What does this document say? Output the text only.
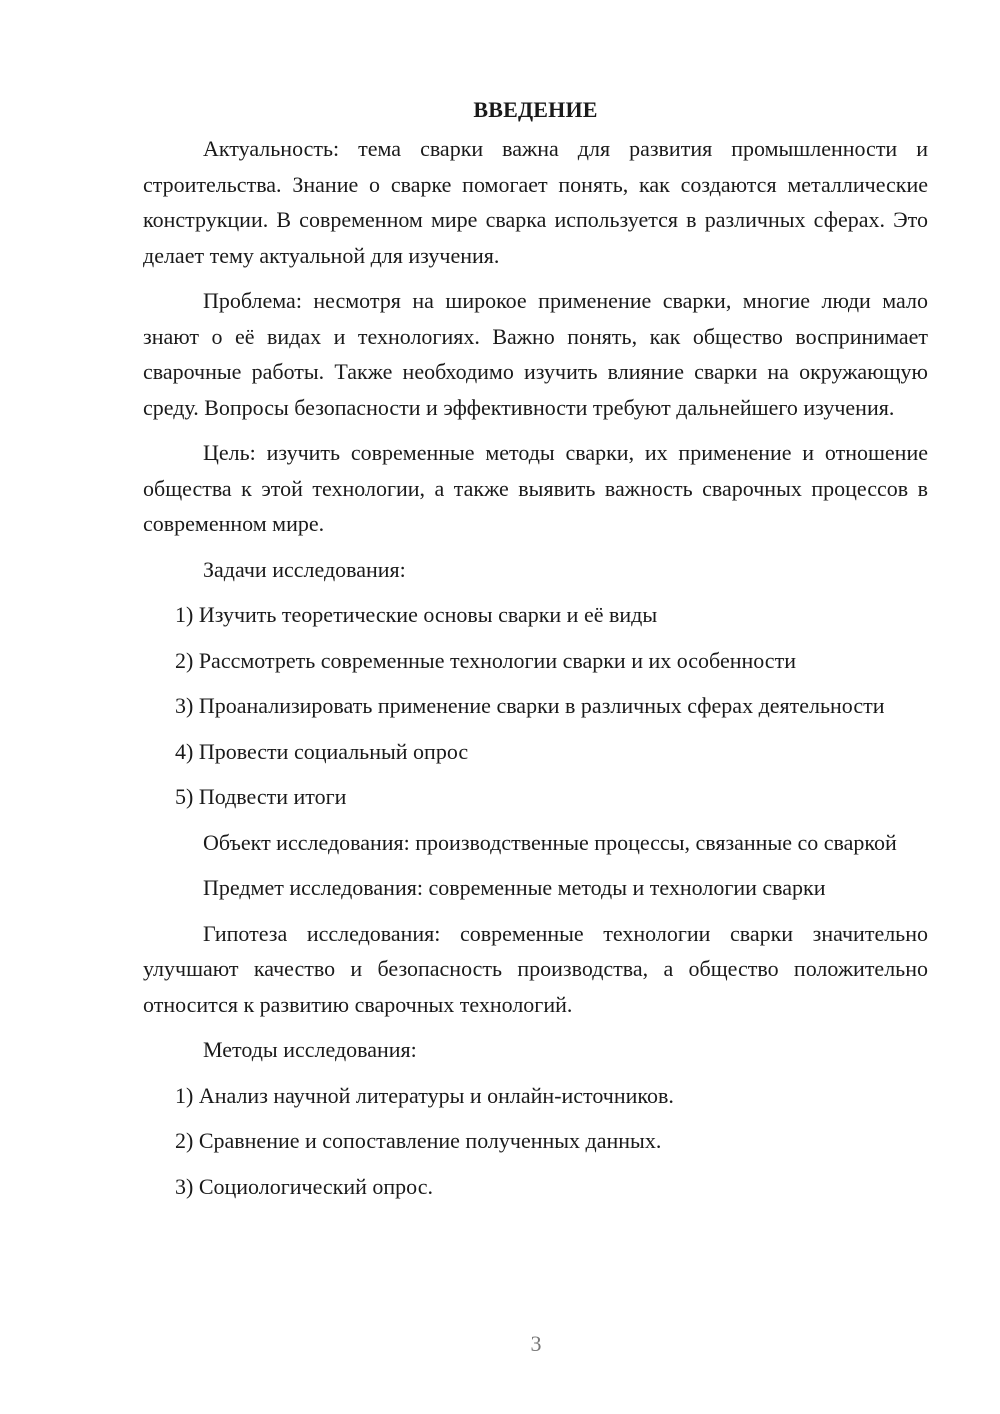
ВВЕДЕНИЕ

Актуальность: тема сварки важна для развития промышленности и строительства. Знание о сварке помогает понять, как создаются металлические конструкции. В современном мире сварка используется в различных сферах. Это делает тему актуальной для изучения.

Проблема: несмотря на широкое применение сварки, многие люди мало знают о её видах и технологиях. Важно понять, как общество воспринимает сварочные работы. Также необходимо изучить влияние сварки на окружающую среду. Вопросы безопасности и эффективности требуют дальнейшего изучения.

Цель: изучить современные методы сварки, их применение и отношение общества к этой технологии, а также выявить важность сварочных процессов в современном мире.

Задачи исследования:

1) Изучить теоретические основы сварки и её виды

2) Рассмотреть современные технологии сварки и их особенности

3) Проанализировать применение сварки в различных сферах деятельности

4) Провести социальный опрос

5) Подвести итоги

Объект исследования: производственные процессы, связанные со сваркой

Предмет исследования: современные методы и технологии сварки

Гипотеза исследования: современные технологии сварки значительно улучшают качество и безопасность производства, а общество положительно относится к развитию сварочных технологий.

Методы исследования:

1) Анализ научной литературы и онлайн-источников.

2) Сравнение и сопоставление полученных данных.

3) Социологический опрос.

3
